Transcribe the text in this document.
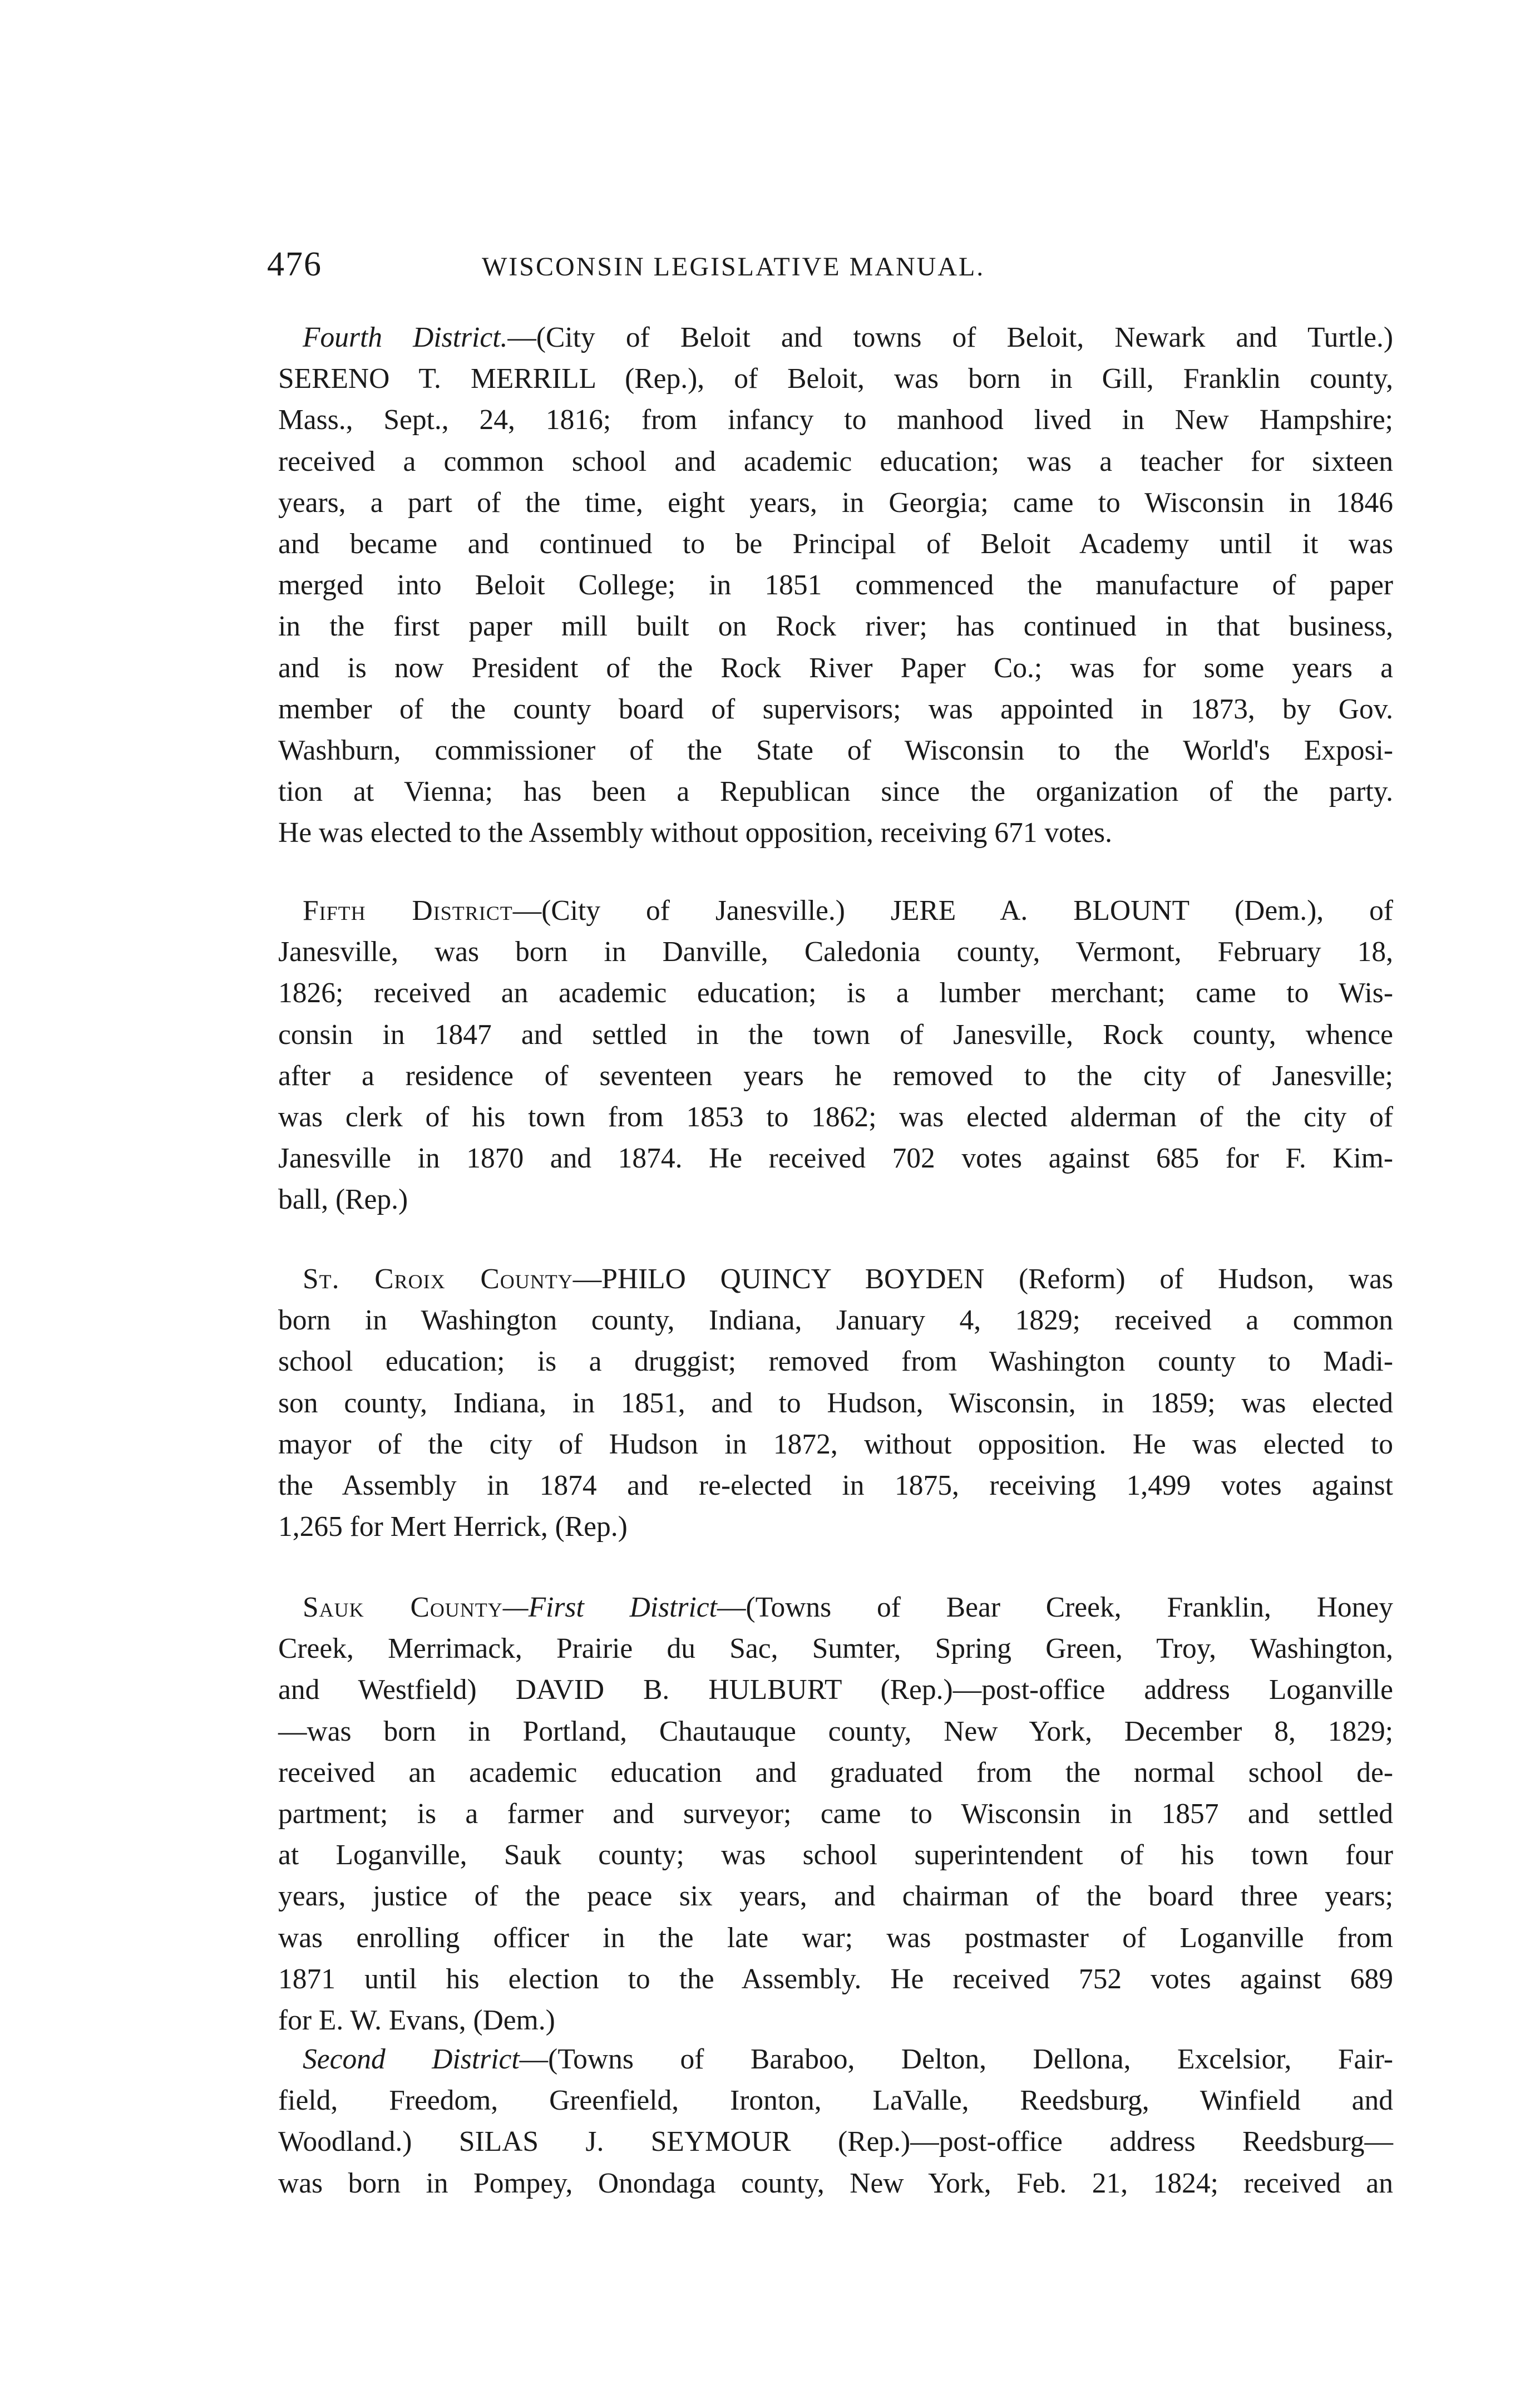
476	WISCONSIN LEGISLATIVE MANUAL.
Fourth District.—(City of Beloit and towns of Beloit, Newark and Turtle.)
SERENO T. MERRILL (Rep.), of Beloit, was born in Gill, Franklin county,
Mass., Sept., 24, 1816; from infancy to manhood lived in New Hampshire;
received a common school and academic education; was a teacher for sixteen
years, a part of the time, eight years, in Georgia; came to Wisconsin in 1846
and became and continued to be Principal of Beloit Academy until it was
merged into Beloit College; in 1851 commenced the manufacture of paper
in the first paper mill built on Rock river; has continued in that business,
and is now President of the Rock River Paper Co.; was for some years a
member of the county board of supervisors; was appointed in 1873, by Gov.
Washburn, commissioner of the State of Wisconsin to the World's Exposi-
tion at Vienna; has been a Republican since the organization of the party.
He was elected to the Assembly without opposition, receiving 671 votes.
Fifth District—(City of Janesville.) JERE A. BLOUNT (Dem.), of
Janesville, was born in Danville, Caledonia county, Vermont, February 18,
1826; received an academic education; is a lumber merchant; came to Wis-
consin in 1847 and settled in the town of Janesville, Rock county, whence
after a residence of seventeen years he removed to the city of Janesville;
was clerk of his town from 1853 to 1862; was elected alderman of the city of
Janesville in 1870 and 1874. He received 702 votes against 685 for F. Kim-
ball, (Rep.)
St. Croix County—PHILO QUINCY BOYDEN (Reform) of Hudson, was
born in Washington county, Indiana, January 4, 1829; received a common
school education; is a druggist; removed from Washington county to Madi-
son county, Indiana, in 1851, and to Hudson, Wisconsin, in 1859; was elected
mayor of the city of Hudson in 1872, without opposition. He was elected to
the Assembly in 1874 and re-elected in 1875, receiving 1,499 votes against
1,265 for Mert Herrick, (Rep.)
Sauk County—First District—(Towns of Bear Creek, Franklin, Honey
Creek, Merrimack, Prairie du Sac, Sumter, Spring Green, Troy, Washington,
and Westfield) DAVID B. HULBURT (Rep.)—post-office address Loganville
—was born in Portland, Chautauque county, New York, December 8, 1829;
received an academic education and graduated from the normal school de-
partment; is a farmer and surveyor; came to Wisconsin in 1857 and settled
at Loganville, Sauk county; was school superintendent of his town four
years, justice of the peace six years, and chairman of the board three years;
was enrolling officer in the late war; was postmaster of Loganville from
1871 until his election to the Assembly. He received 752 votes against 689
for E. W. Evans, (Dem.)
Second District—(Towns of Baraboo, Delton, Dellona, Excelsior, Fair-
field, Freedom, Greenfield, Ironton, LaValle, Reedsburg, Winfield and
Woodland.) SILAS J. SEYMOUR (Rep.)—post-office address Reedsburg—
was born in Pompey, Onondaga county, New York, Feb. 21, 1824; received an
